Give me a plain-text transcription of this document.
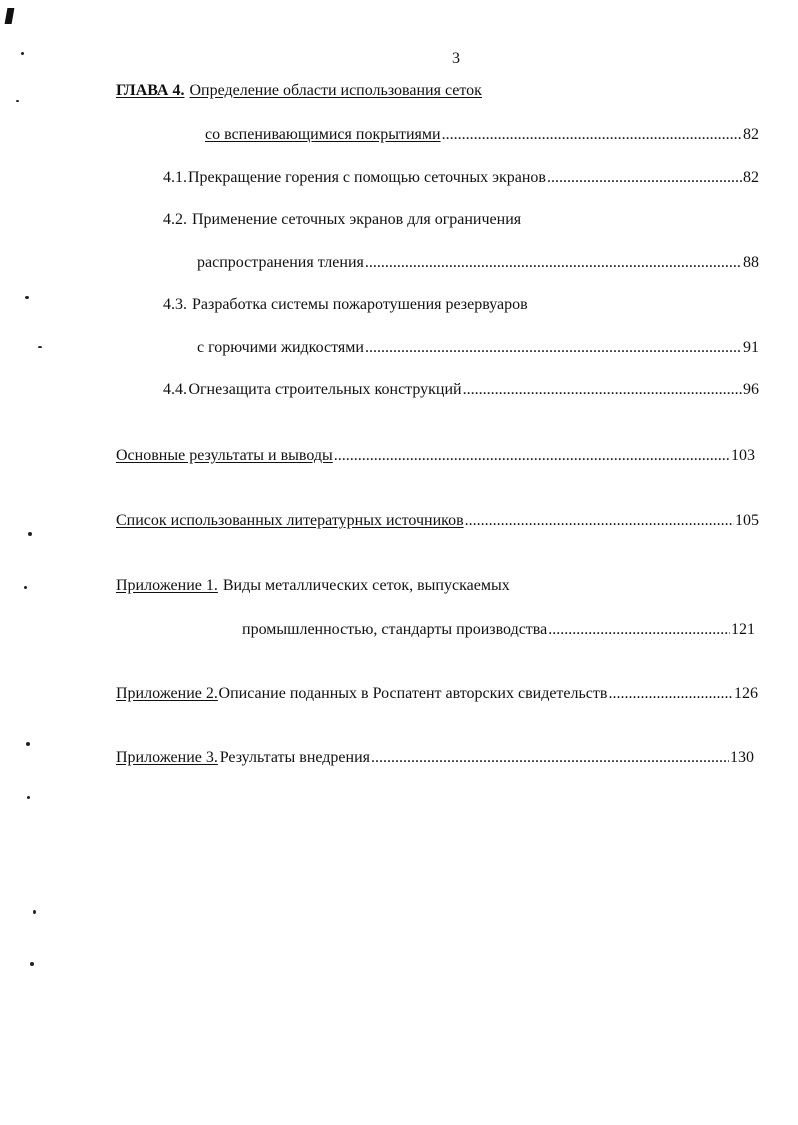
3
ГЛАВА 4. Определение области использования сеток
со вспенивающимися покрытиями .....	82
4.1. Прекращение горения с помощью сеточных экранов .....	82
4.2. Применение сеточных экранов для ограничения
распространения тления .....	88
4.3. Разработка системы пожаротушения резервуаров
с горючими жидкостями .....	91
4.4. Огнезащита строительных конструкций .....	96
Основные результаты и выводы .....	103
Список использованных литературных источников .....	105
Приложение 1. Виды металлических сеток, выпускаемых
промышленностью, стандарты производства .....	121
Приложение 2. Описание поданных в Роспатент авторских свидетельств .....	126
Приложение 3. Результаты внедрения .....	130
